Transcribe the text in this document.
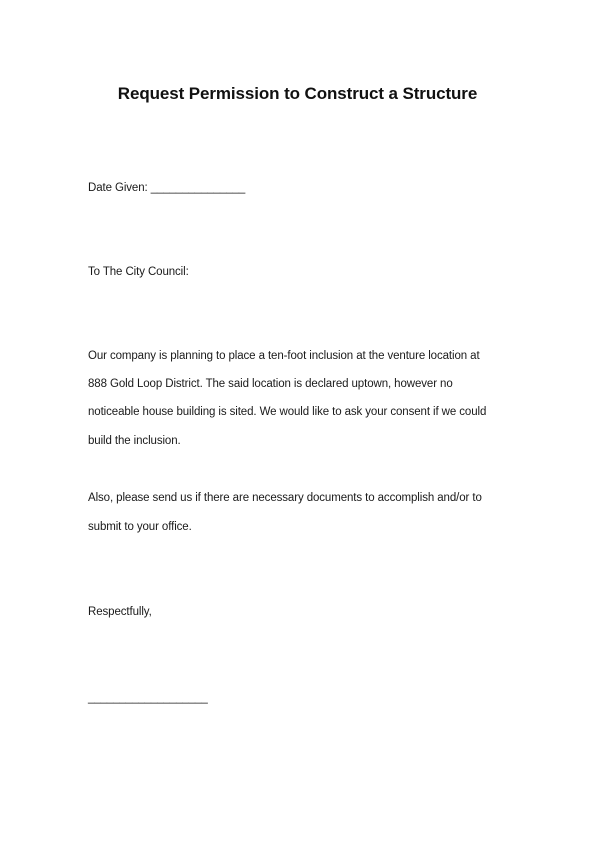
Request Permission to Construct a Structure
Date Given: _______________
To The City Council:
Our company is planning to place a ten-foot inclusion at the venture location at
888 Gold Loop District. The said location is declared uptown, however no
noticeable house building is sited. We would like to ask your consent if we could
build the inclusion.
Also, please send us if there are necessary documents to accomplish and/or to
submit to your office.
Respectfully,
___________________
